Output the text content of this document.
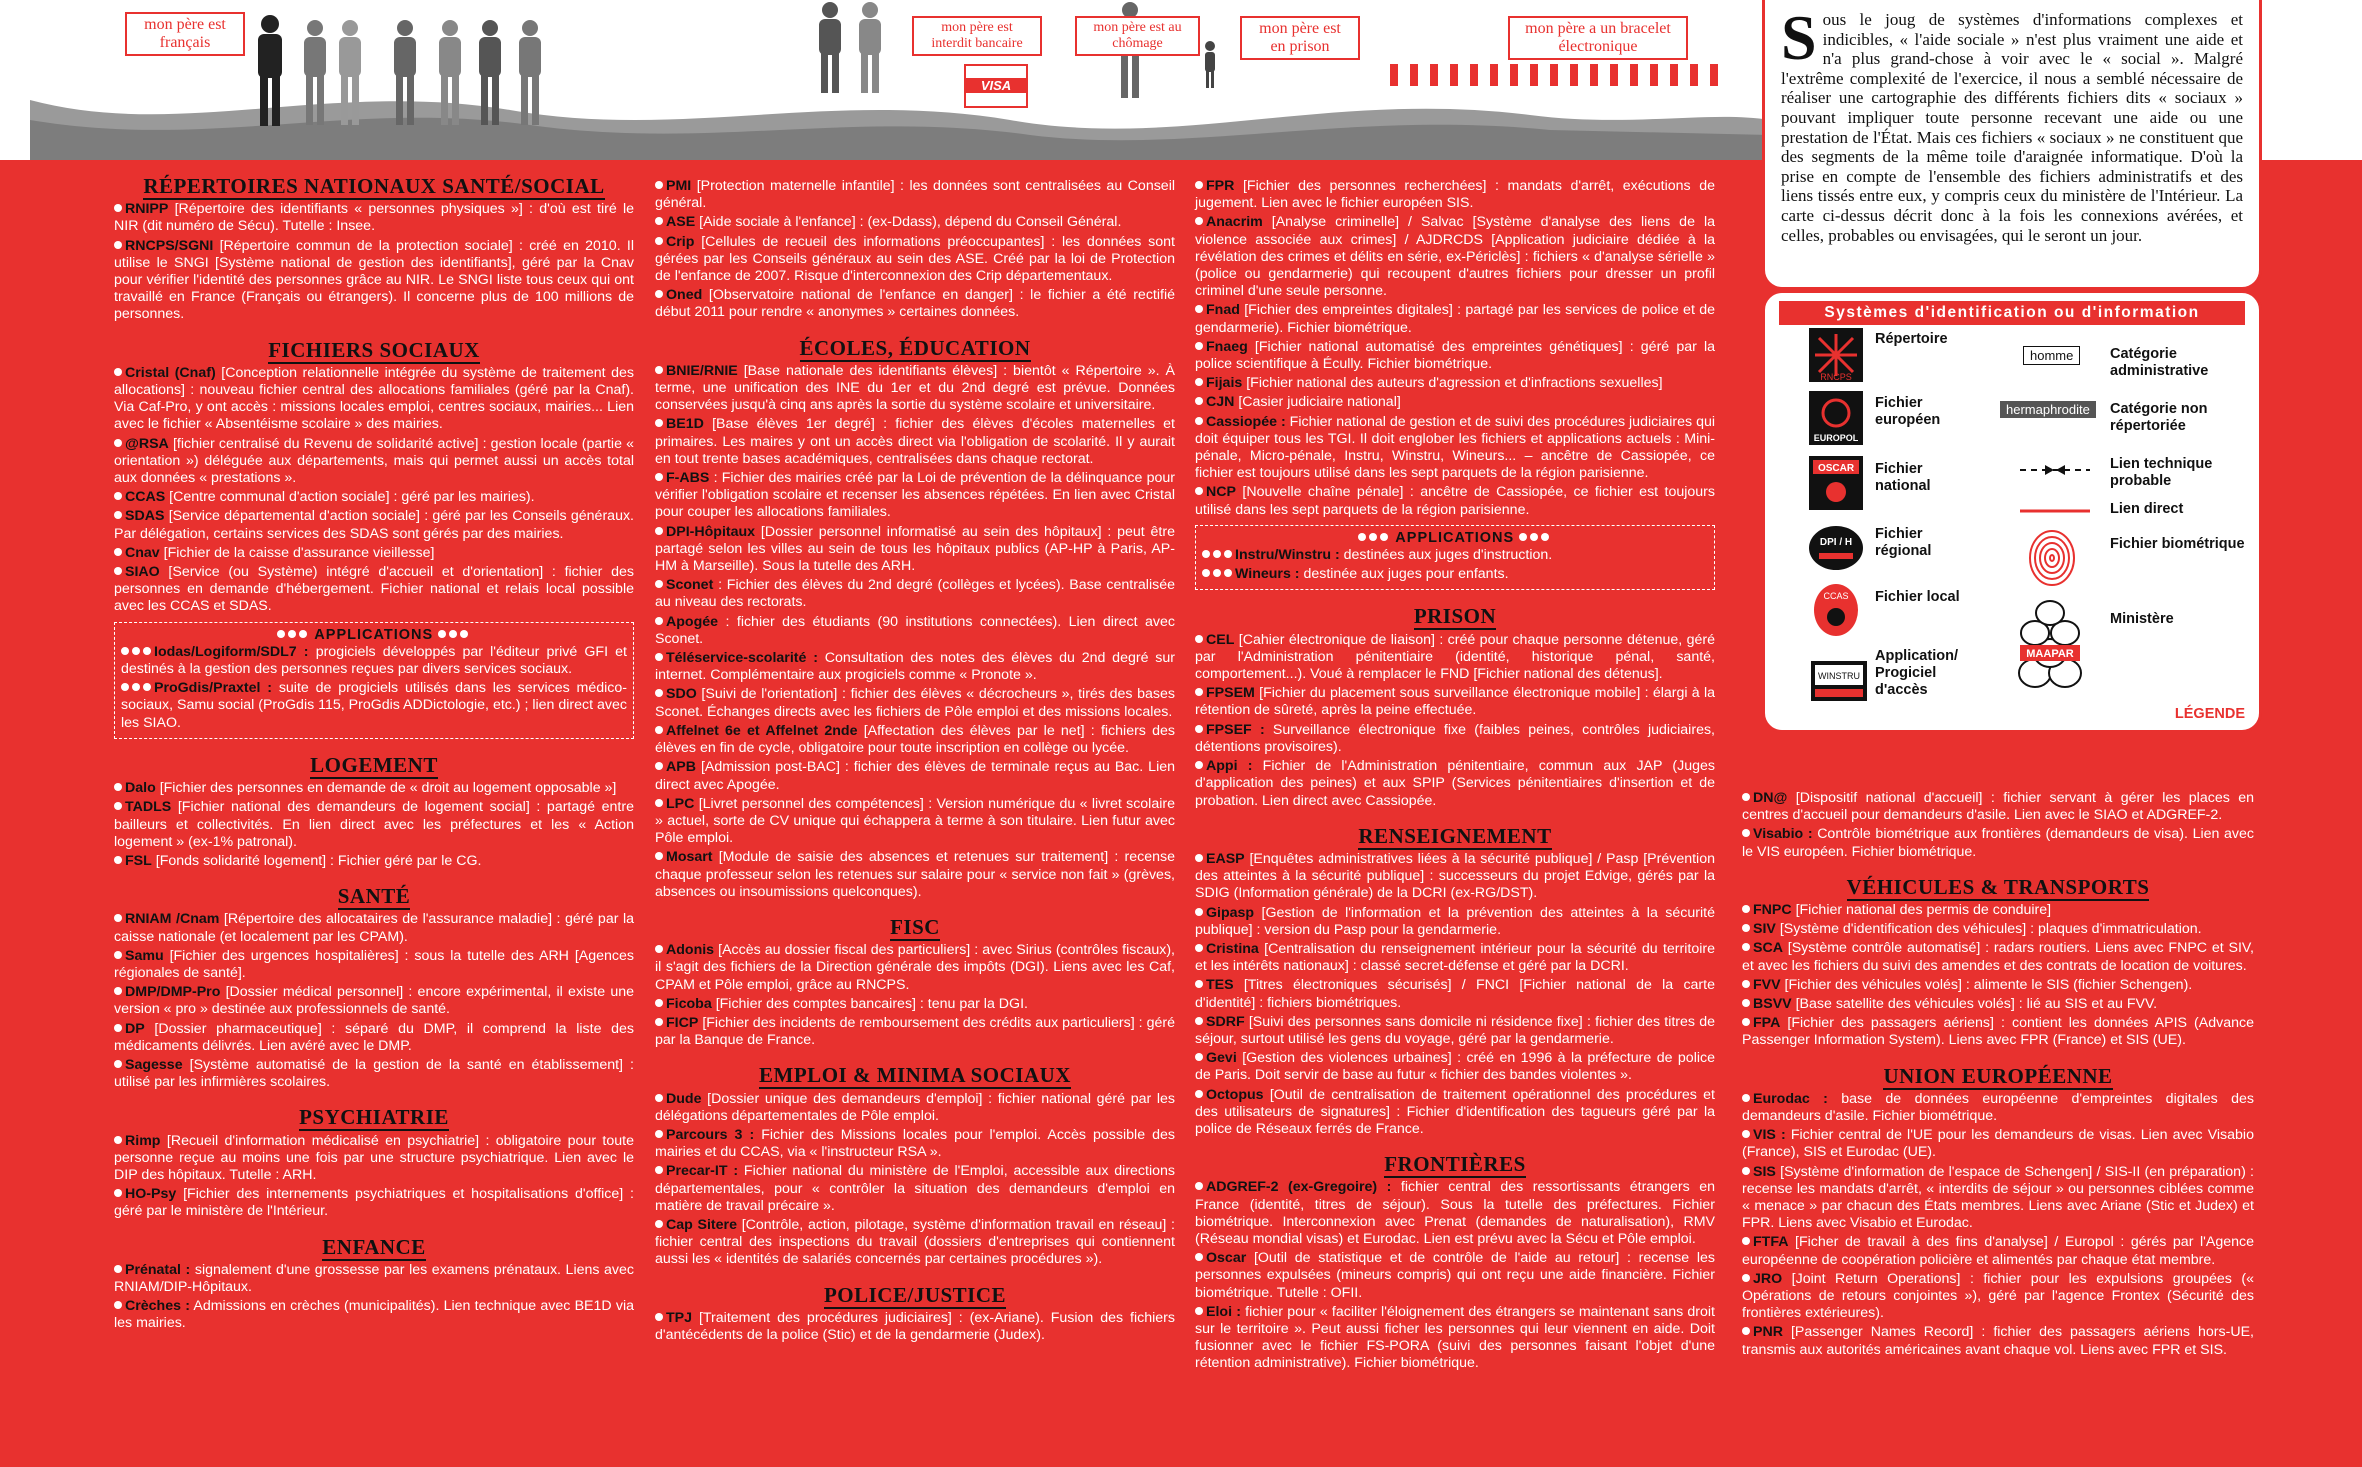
mon père est français
mon père est interdit bancaire
mon père est au chômage
mon père est en prison
mon père a un bracelet électronique
VISA
S ous le joug de systèmes d'informations complexes et indicibles, « l'aide sociale » n'est plus vraiment une aide et n'a plus grand-chose à voir avec le « social ». Malgré l'extrême complexité de l'exercice, il nous a semblé nécessaire de réaliser une cartographie des différents fichiers dits « sociaux » pouvant impliquer toute personne recevant une aide ou une prestation de l'État. Mais ces fichiers « sociaux » ne constituent que des segments de la même toile d'araignée informatique. D'où la prise en compte de l'ensemble des fichiers administratifs et des liens tissés entre eux, y compris ceux du ministère de l'Intérieur. La carte ci-dessus décrit donc à la fois les connexions avérées, et celles, probables ou envisagées, qui le seront un jour.
Systèmes d'identification ou d'information
RNCPS
Répertoire
EUROPOL
Fichier européen
OSCAR Fichier national
DPI / H
Fichier régional
CCAS Fichier local
WINSTRU
Application/ Progiciel d'accès
homme	Catégorie administrative
hermaphrodite	Catégorie non répertoriée
Lien technique probable
Lien direct
Fichier biométrique
MAAPAR
Ministère
LÉGENDE
RÉPERTOIRES NATIONAUX SANTÉ/SOCIAL
RNIPP [Répertoire des identifiants « personnes physiques »] : d'où est tiré le NIR (dit numéro de Sécu). Tutelle : Insee.
RNCPS/SGNI [Répertoire commun de la protection sociale] : créé en 2010. Il utilise le SNGI [Système national de gestion des identifiants], géré par la Cnav pour vérifier l'identité des personnes grâce au NIR. Le SNGI liste tous ceux qui ont travaillé en France (Français ou étrangers). Il concerne plus de 100 millions de personnes.
FICHIERS SOCIAUX
Cristal (Cnaf) [Conception relationnelle intégrée du système de traitement des allocations] : nouveau fichier central des allocations familiales (géré par la Cnaf). Via Caf-Pro, y ont accès : missions locales emploi, centres sociaux, mairies... Lien avec le fichier « Absentéisme scolaire » des mairies.
@RSA [fichier centralisé du Revenu de solidarité active] : gestion locale (partie « orientation ») déléguée aux départements, mais qui permet aussi un accès total aux données « prestations ».
CCAS [Centre communal d'action sociale] : géré par les mairies).
SDAS [Service départemental d'action sociale] : géré par les Conseils généraux. Par délégation, certains services des SDAS sont gérés par des mairies.
Cnav [Fichier de la caisse d'assurance vieillesse]
SIAO [Service (ou Système) intégré d'accueil et d'orientation] : fichier des personnes en demande d'hébergement. Fichier national et relais local possible avec les CCAS et SDAS.
APPLICATIONS
Iodas/Logiform/SDL7 : progiciels développés par l'éditeur privé GFI et destinés à la gestion des personnes reçues par divers services sociaux.
ProGdis/Praxtel : suite de progiciels utilisés dans les services médico-sociaux, Samu social (ProGdis 115, ProGdis ADDictologie, etc.) ; lien direct avec les SIAO.
LOGEMENT
Dalo [Fichier des personnes en demande de « droit au logement opposable »]
TADLS [Fichier national des demandeurs de logement social] : partagé entre bailleurs et collectivités. En lien direct avec les préfectures et les « Action logement » (ex-1% patronal).
FSL [Fonds solidarité logement] : Fichier géré par le CG.
SANTÉ
RNIAM /Cnam [Répertoire des allocataires de l'assurance maladie] : géré par la caisse nationale (et localement par les CPAM).
Samu [Fichier des urgences hospitalières] : sous la tutelle des ARH [Agences régionales de santé].
DMP/DMP-Pro [Dossier médical personnel] : encore expérimental, il existe une version « pro » destinée aux professionnels de santé.
DP [Dossier pharmaceutique] : séparé du DMP, il comprend la liste des médicaments délivrés. Lien avéré avec le DMP.
Sagesse [Système automatisé de la gestion de la santé en établissement] : utilisé par les infirmières scolaires.
PSYCHIATRIE
Rimp [Recueil d'information médicalisé en psychiatrie] : obligatoire pour toute personne reçue au moins une fois par une structure psychiatrique. Lien avec le DIP des hôpitaux. Tutelle : ARH.
HO-Psy [Fichier des internements psychiatriques et hospitalisations d'office] : géré par le ministère de l'Intérieur.
ENFANCE
Prénatal : signalement d'une grossesse par les examens prénataux. Liens avec RNIAM/DIP-Hôpitaux.
Crèches : Admissions en crèches (municipalités). Lien technique avec BE1D via les mairies.
PMI [Protection maternelle infantile] : les données sont centralisées au Conseil général.
ASE [Aide sociale à l'enfance] : (ex-Ddass), dépend du Conseil Général.
Crip [Cellules de recueil des informations préoccupantes] : les données sont gérées par les Conseils généraux au sein des ASE. Créé par la loi de Protection de l'enfance de 2007. Risque d'interconnexion des Crip départementaux.
Oned [Observatoire national de l'enfance en danger] : le fichier a été rectifié début 2011 pour rendre « anonymes » certaines données.
ÉCOLES, ÉDUCATION
BNIE/RNIE [Base nationale des identifiants élèves] : bientôt « Répertoire ». À terme, une unification des INE du 1er et du 2nd degré est prévue. Données conservées jusqu'à cinq ans après la sortie du système scolaire et universitaire.
BE1D [Base élèves 1er degré] : fichier des élèves d'écoles maternelles et primaires. Les maires y ont un accès direct via l'obligation de scolarité. Il y aurait en tout trente bases académiques, centralisées dans chaque rectorat.
F-ABS : Fichier des mairies créé par la Loi de prévention de la délinquance pour vérifier l'obligation scolaire et recenser les absences répétées. En lien avec Cristal pour couper les allocations familiales.
DPI-Hôpitaux [Dossier personnel informatisé au sein des hôpitaux] : peut être partagé selon les villes au sein de tous les hôpitaux publics (AP-HP à Paris, AP-HM à Marseille). Sous la tutelle des ARH.
Sconet : Fichier des élèves du 2nd degré (collèges et lycées). Base centralisée au niveau des rectorats.
Apogée : fichier des étudiants (90 institutions connectées). Lien direct avec Sconet.
Téléservice-scolarité : Consultation des notes des élèves du 2nd degré sur internet. Complémentaire aux progiciels comme « Pronote ».
SDO [Suivi de l'orientation] : fichier des élèves « décrocheurs », tirés des bases Sconet. Échanges directs avec les fichiers de Pôle emploi et des missions locales.
Affelnet 6e et Affelnet 2nde [Affectation des élèves par le net] : fichiers des élèves en fin de cycle, obligatoire pour toute inscription en collège ou lycée.
APB [Admission post-BAC] : fichier des élèves de terminale reçus au Bac. Lien direct avec Apogée.
LPC [Livret personnel des compétences] : Version numérique du « livret scolaire » actuel, sorte de CV unique qui échappera à terme à son titulaire. Lien futur avec Pôle emploi.
Mosart [Module de saisie des absences et retenues sur traitement] : recense chaque professeur selon les retenues sur salaire pour « service non fait » (grèves, absences ou insoumissions quelconques).
FISC
Adonis [Accès au dossier fiscal des particuliers] : avec Sirius (contrôles fiscaux), il s'agit des fichiers de la Direction générale des impôts (DGI). Liens avec les Caf, CPAM et Pôle emploi, grâce au RNCPS.
Ficoba [Fichier des comptes bancaires] : tenu par la DGI.
FICP [Fichier des incidents de remboursement des crédits aux particuliers] : géré par la Banque de France.
EMPLOI & MINIMA SOCIAUX
Dude [Dossier unique des demandeurs d'emploi] : fichier national géré par les délégations départementales de Pôle emploi.
Parcours 3 : Fichier des Missions locales pour l'emploi. Accès possible des mairies et du CCAS, via « l'instructeur RSA ».
Precar-IT : Fichier national du ministère de l'Emploi, accessible aux directions départementales, pour « contrôler la situation des demandeurs d'emploi en matière de travail précaire ».
Cap Sitere [Contrôle, action, pilotage, système d'information travail en réseau] : fichier central des inspections du travail (dossiers d'entreprises qui contiennent aussi les « identités de salariés concernés par certaines procédures »).
POLICE/JUSTICE
TPJ [Traitement des procédures judiciaires] : (ex-Ariane). Fusion des fichiers d'antécédents de la police (Stic) et de la gendarmerie (Judex).
FPR [Fichier des personnes recherchées] : mandats d'arrêt, exécutions de jugement. Lien avec le fichier européen SIS.
Anacrim [Analyse criminelle] / Salvac [Système d'analyse des liens de la violence associée aux crimes] / AJDRCDS [Application judiciaire dédiée à la révélation des crimes et délits en série, ex-Périclès] : fichiers « d'analyse sérielle » (police ou gendarmerie) qui recoupent d'autres fichiers pour dresser un profil criminel d'une seule personne.
Fnad [Fichier des empreintes digitales] : partagé par les services de police et de gendarmerie). Fichier biométrique.
Fnaeg [Fichier national automatisé des empreintes génétiques] : géré par la police scientifique à Écully. Fichier biométrique.
Fijais [Fichier national des auteurs d'agression et d'infractions sexuelles]
CJN [Casier judiciaire national]
Cassiopée : Fichier national de gestion et de suivi des procédures judiciaires qui doit équiper tous les TGI. Il doit englober les fichiers et applications actuels : Mini-pénale, Micro-pénale, Instru, Winstru, Wineurs... – ancêtre de Cassiopée, ce fichier est toujours utilisé dans les sept parquets de la région parisienne.
NCP [Nouvelle chaîne pénale] : ancêtre de Cassiopée, ce fichier est toujours utilisé dans les sept parquets de la région parisienne.
APPLICATIONS
Instru/Winstru : destinées aux juges d'instruction.
Wineurs : destinée aux juges pour enfants.
PRISON
CEL [Cahier électronique de liaison] : créé pour chaque personne détenue, géré par l'Administration pénitentiaire (identité, historique pénal, santé, comportement...). Voué à remplacer le FND [Fichier national des détenus].
FPSEM [Fichier du placement sous surveillance électronique mobile] : élargi à la rétention de sûreté, après la peine effectuée.
FPSEF : Surveillance électronique fixe (faibles peines, contrôles judiciaires, détentions provisoires).
Appi : Fichier de l'Administration pénitentiaire, commun aux JAP (Juges d'application des peines) et aux SPIP (Services pénitentiaires d'insertion et de probation. Lien direct avec Cassiopée.
RENSEIGNEMENT
EASP [Enquêtes administratives liées à la sécurité publique] / Pasp [Prévention des atteintes à la sécurité publique] : successeurs du projet Edvige, gérés par la SDIG (Information générale) de la DCRI (ex-RG/DST).
Gipasp [Gestion de l'information et la prévention des atteintes à la sécurité publique] : version du Pasp pour la gendarmerie.
Cristina [Centralisation du renseignement intérieur pour la sécurité du territoire et les intérêts nationaux] : classé secret-défense et géré par la DCRI.
TES [Titres électroniques sécurisés] / FNCI [Fichier national de la carte d'identité] : fichiers biométriques.
SDRF [Suivi des personnes sans domicile ni résidence fixe] : fichier des titres de séjour, surtout utilisé les gens du voyage, géré par la gendarmerie.
Gevi [Gestion des violences urbaines] : créé en 1996 à la préfecture de police de Paris. Doit servir de base au futur « fichier des bandes violentes ».
Octopus [Outil de centralisation de traitement opérationnel des procédures et des utilisateurs de signatures] : Fichier d'identification des tagueurs géré par la police de Réseaux ferrés de France.
FRONTIÈRES
ADGREF-2 (ex-Gregoire) : fichier central des ressortissants étrangers en France (identité, titres de séjour). Sous la tutelle des préfectures. Fichier biométrique. Interconnexion avec Prenat (demandes de naturalisation), RMV (Réseau mondial visas) et Eurodac. Lien est prévu avec la Sécu et Pôle emploi.
Oscar [Outil de statistique et de contrôle de l'aide au retour] : recense les personnes expulsées (mineurs compris) qui ont reçu une aide financière. Fichier biométrique. Tutelle : OFII.
Eloi : fichier pour « faciliter l'éloignement des étrangers se maintenant sans droit sur le territoire ». Peut aussi ficher les personnes qui leur viennent en aide. Doit fusionner avec le fichier FS-PORA (suivi des personnes faisant l'objet d'une rétention administrative). Fichier biométrique.
DN@ [Dispositif national d'accueil] : fichier servant à gérer les places en centres d'accueil pour demandeurs d'asile. Lien avec le SIAO et ADGREF-2.
Visabio : Contrôle biométrique aux frontières (demandeurs de visa). Lien avec le VIS européen. Fichier biométrique.
VÉHICULES & TRANSPORTS
FNPC [Fichier national des permis de conduire]
SIV [Système d'identification des véhicules] : plaques d'immatriculation.
SCA [Système contrôle automatisé] : radars routiers. Liens avec FNPC et SIV, et avec les fichiers du suivi des amendes et des contrats de location de voitures.
FVV [Fichier des véhicules volés] : alimente le SIS (fichier Schengen).
BSVV [Base satellite des véhicules volés] : lié au SIS et au FVV.
FPA [Fichier des passagers aériens] : contient les données APIS (Advance Passenger Information System). Liens avec FPR (France) et SIS (UE).
UNION EUROPÉENNE
Eurodac : base de données européenne d'empreintes digitales des demandeurs d'asile. Fichier biométrique.
VIS : Fichier central de l'UE pour les demandeurs de visas. Lien avec Visabio (France), SIS et Eurodac (UE).
SIS [Système d'information de l'espace de Schengen] / SIS-II (en préparation) : recense les mandats d'arrêt, « interdits de séjour » ou personnes ciblées comme « menace » par chacun des États membres. Liens avec Ariane (Stic et Judex) et FPR. Liens avec Visabio et Eurodac.
FTFA [Ficher de travail à des fins d'analyse] / Europol : gérés par l'Agence européenne de coopération policière et alimentés par chaque état membre.
JRO [Joint Return Operations] : fichier pour les expulsions groupées (« Opérations de retours conjointes »), géré par l'agence Frontex (Sécurité des frontières extérieures).
PNR [Passenger Names Record] : fichier des passagers aériens hors-UE, transmis aux autorités américaines avant chaque vol. Liens avec FPR et SIS.
